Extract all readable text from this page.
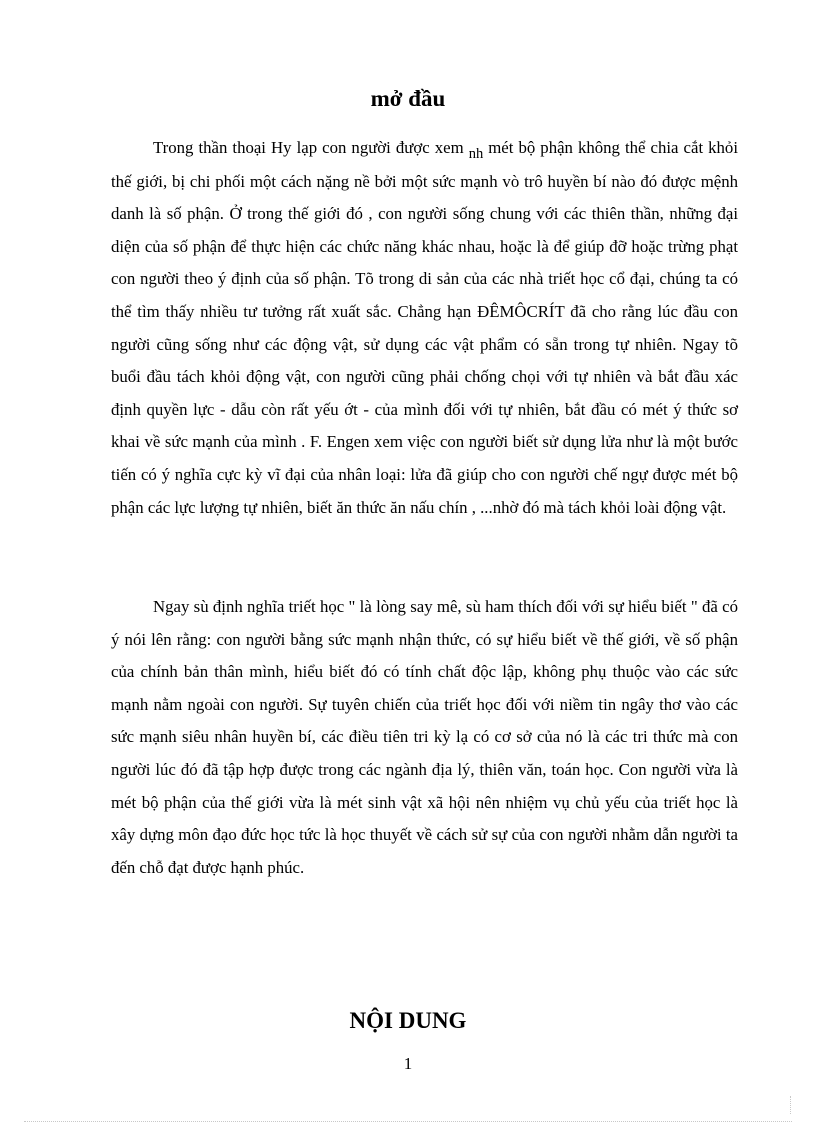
mở đầu

Trong thần thoại Hy lạp con người được xem nh mét bộ phận không thể chia cắt khỏi thế giới, bị chi phối một cách nặng nề bởi một sức mạnh vò trô huyền bí nào đó được mệnh danh là số phận. Ở trong thế giới đó , con người sống chung với các thiên thần, những đại diện của số phận để thực hiện các chức năng khác nhau, hoặc là để giúp đỡ hoặc trừng phạt con người theo ý định của số phận. Tõ trong di sản của các nhà triết học cổ đại, chúng ta có thể tìm thấy nhiều tư tưởng rất xuất sắc. Chẳng hạn ĐÊMÔCRÍT đã cho rằng lúc đầu con người cũng sống như các động vật, sử dụng các vật phẩm có sẵn trong tự nhiên. Ngay tõ buổi đầu tách khỏi động vật, con người cũng phải chống chọi với tự nhiên và bắt đầu xác định quyền lực - dẫu còn rất yếu ớt - của mình đối với tự nhiên, bắt đầu có mét ý thức sơ khai về sức mạnh của mình . F. Engen xem việc con người biết sử dụng lửa như là một bước tiến có ý nghĩa cực kỳ vĩ đại của nhân loại: lửa đã giúp cho con người chế ngự được mét bộ phận các lực lượng tự nhiên, biết ăn thức ăn nấu chín , ...nhờ đó mà tách khỏi loài động vật.

Ngay sù định nghĩa triết học " là lòng say mê, sù ham thích đối với sự hiểu biết " đã có ý nói lên rằng: con người bằng sức mạnh nhận thức, có sự hiểu biết về thế giới, về số phận của chính bản thân mình, hiểu biết đó có tính chất độc lập, không phụ thuộc vào các sức mạnh nằm ngoài con người. Sự tuyên chiến của triết học đối với niềm tin ngây thơ vào các sức mạnh siêu nhân huyền bí, các điều tiên tri kỳ lạ có cơ sở của nó là các tri thức mà con người lúc đó đã tập hợp được trong các ngành địa lý, thiên văn, toán học. Con người vừa là mét bộ phận của thế giới vừa là mét sinh vật xã hội nên nhiệm vụ chủ yếu của triết học là xây dựng môn đạo đức học tức là học thuyết về cách sử sự của con người nhằm dẫn người ta đến chỗ đạt được hạnh phúc.

NỘI DUNG

1
